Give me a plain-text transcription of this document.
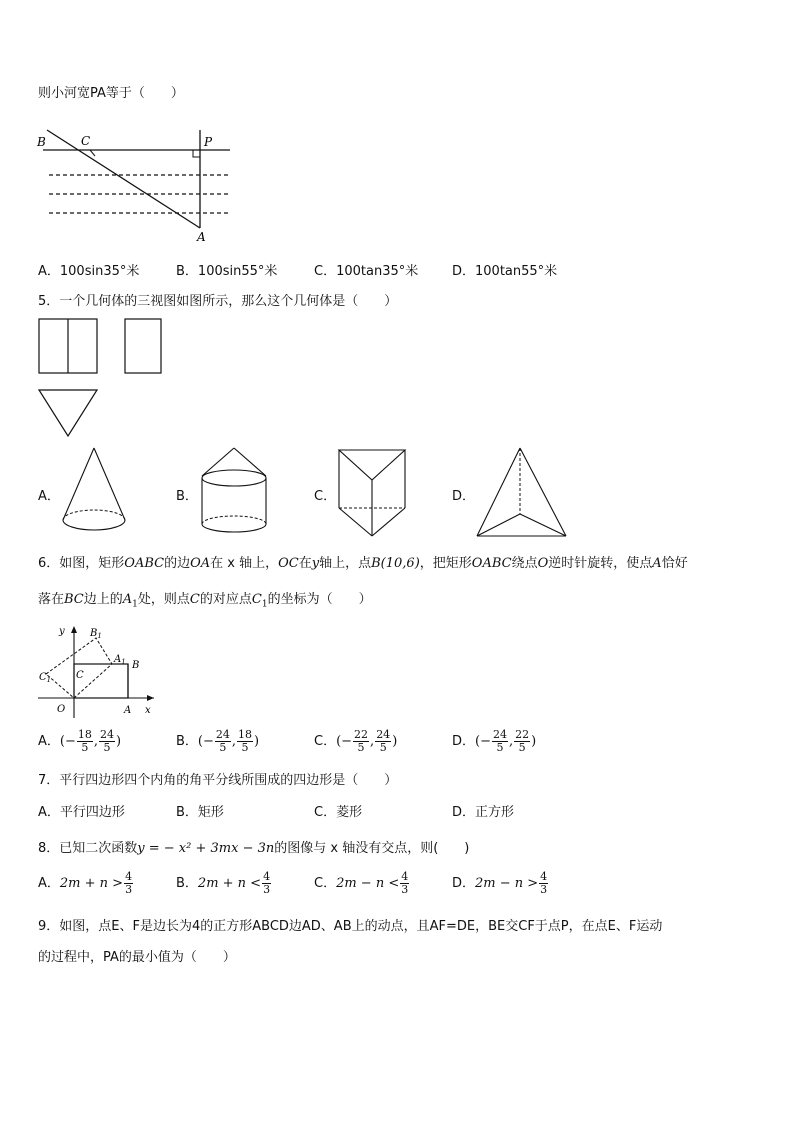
则小河宽PA等于（　　）
B	C	P
A
A．100sin35°米	B．100sin55°米	C．100tan35°米	D．100tan55°米
5．一个几何体的三视图如图所示，那么这个几何体是（　　）
A．	B．	C．	D．
6．如图，矩形OABC的边OA在 x 轴上，OC在y轴上，点B(10,6)，把矩形OABC绕点O逆时针旋转，使点A恰好
落在BC边上的$A_1$处，则点C的对应点$C_1$的坐标为（　　）
y
x
O	A
B
C
$B_1$
$A_1$
$C_1$
A．(− $\frac{18}{5}$ , $\frac{24}{5}$ )	B．(− $\frac{24}{5}$ , $\frac{18}{5}$ )	C．(− $\frac{22}{5}$ , $\frac{24}{5}$ )	D．(− $\frac{24}{5}$ , $\frac{22}{5}$ )
7．平行四边形四个内角的角平分线所围成的四边形是（　　）
A．平行四边形	B．矩形	C．菱形	D．正方形
8．已知二次函数y = − x² + 3mx − 3n的图像与 x 轴没有交点，则(　　)
A．$2m + n > \frac{4}{3}$	B．$2m + n < \frac{4}{3}$	C．$2m - n < \frac{4}{3}$	D．$2m - n > \frac{4}{3}$
9．如图，点E、F是边长为4的正方形ABCD边AD、AB上的动点，且AF=DE，BE交CF于点P，在点E、F运动
的过程中，PA的最小值为（　　）
